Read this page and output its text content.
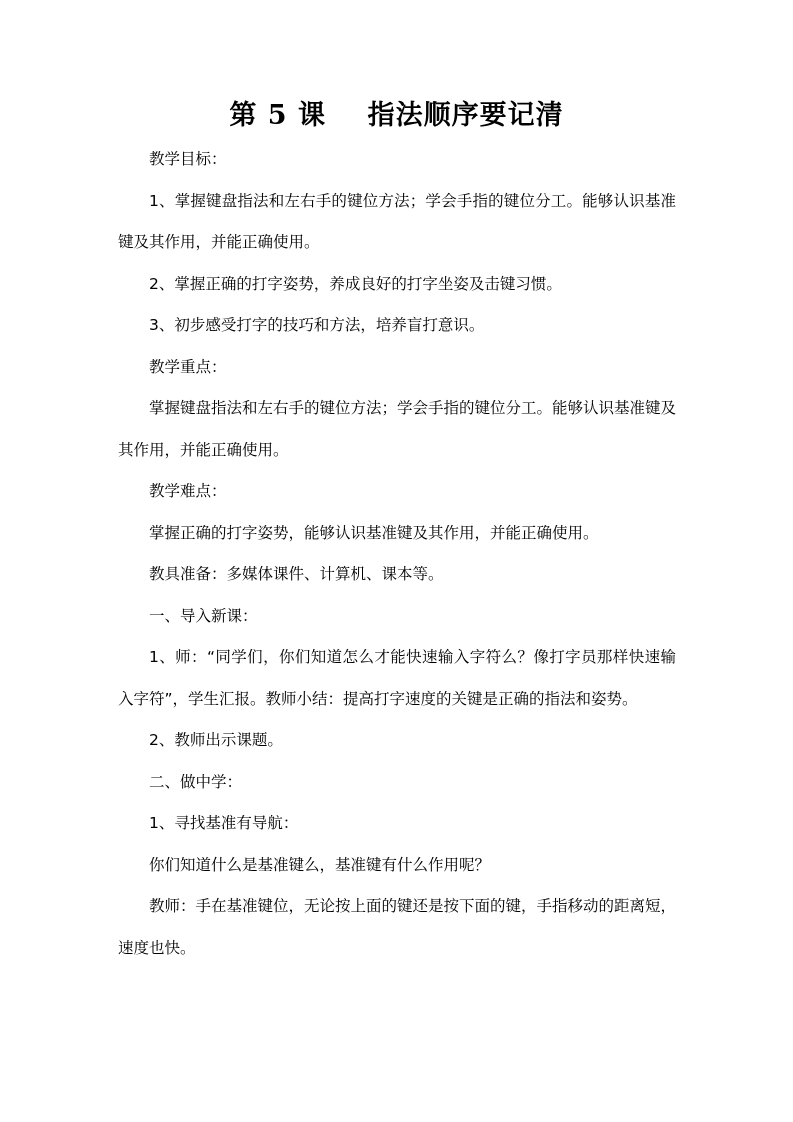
第 5 课    指法顺序要记清

教学目标：

1、掌握键盘指法和左右手的键位方法；学会手指的键位分工。能够认识基准键及其作用，并能正确使用。

2、掌握正确的打字姿势，养成良好的打字坐姿及击键习惯。

3、初步感受打字的技巧和方法，培养盲打意识。

教学重点：

掌握键盘指法和左右手的键位方法；学会手指的键位分工。能够认识基准键及其作用，并能正确使用。

教学难点：

掌握正确的打字姿势，能够认识基准键及其作用，并能正确使用。

教具准备：多媒体课件、计算机、课本等。

一、导入新课：

1、师：“同学们，你们知道怎么才能快速输入字符么？像打字员那样快速输入字符”，学生汇报。教师小结：提高打字速度的关键是正确的指法和姿势。

2、教师出示课题。

二、做中学：

1、寻找基准有导航：

你们知道什么是基准键么，基准键有什么作用呢？

教师：手在基准键位，无论按上面的键还是按下面的键，手指移动的距离短，速度也快。
